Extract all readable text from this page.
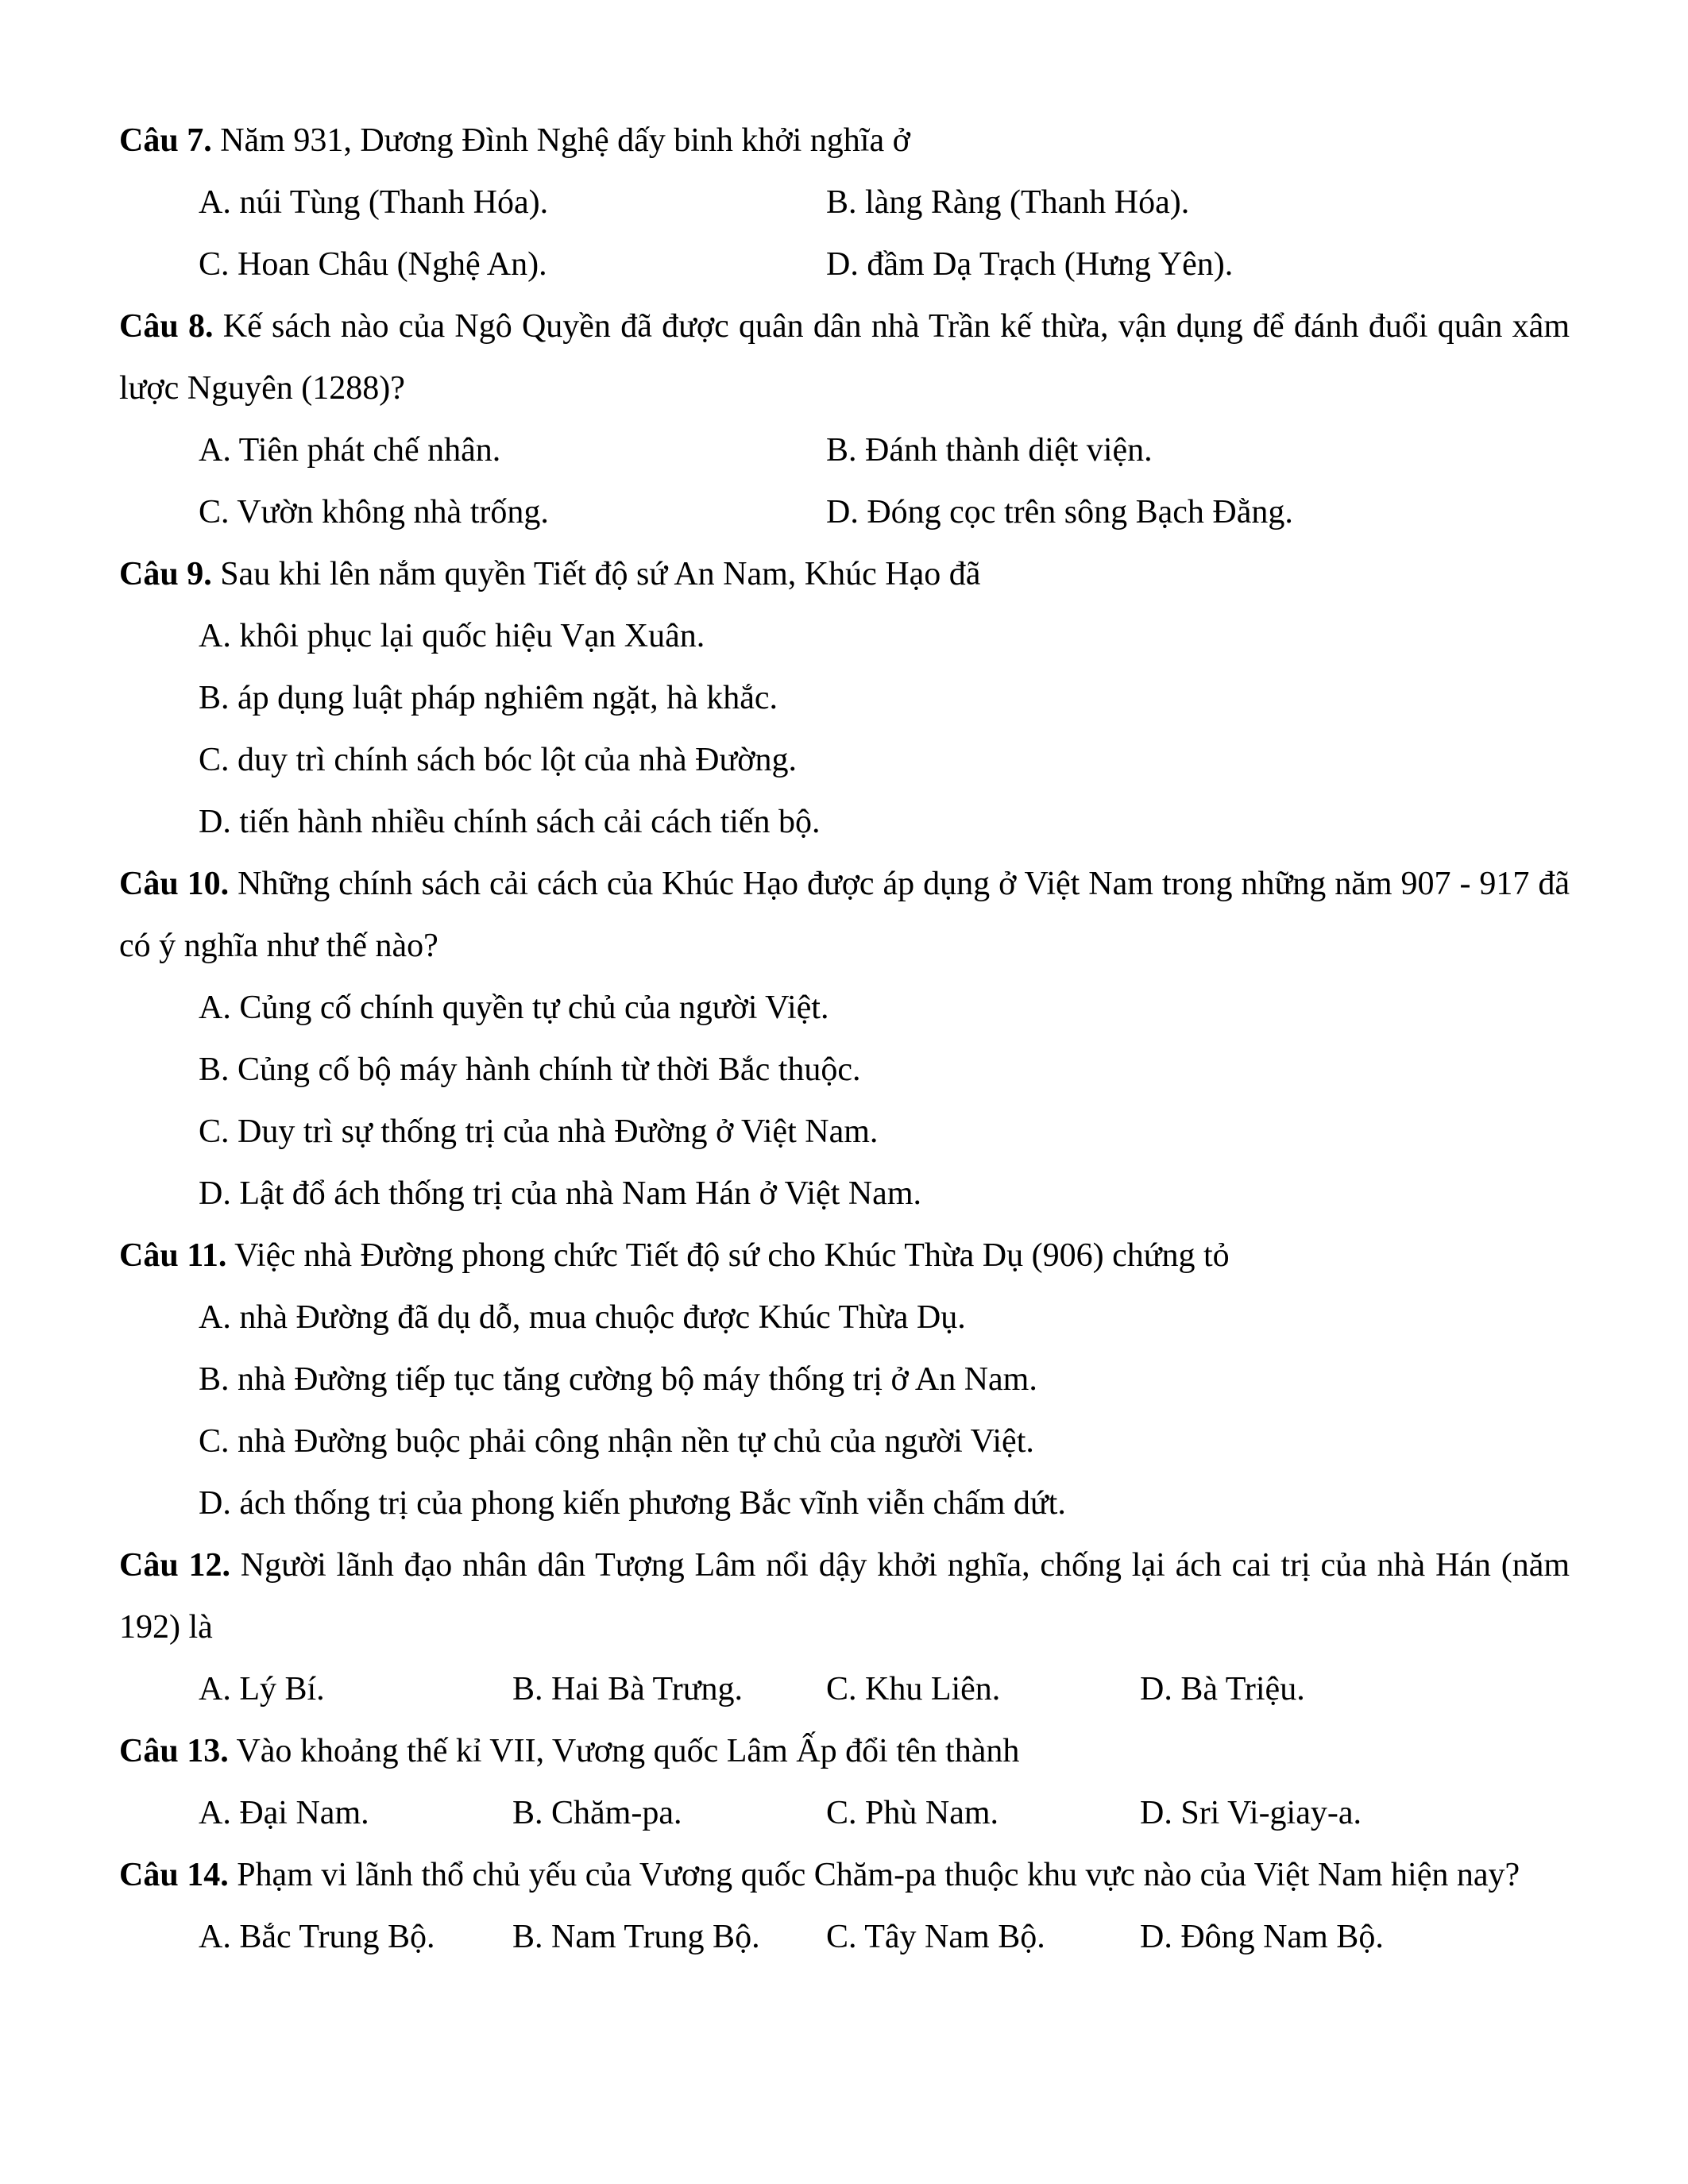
Câu 7. Năm 931, Dương Đình Nghệ dấy binh khởi nghĩa ở

A. núi Tùng (Thanh Hóa).	B. làng Ràng (Thanh Hóa).
C. Hoan Châu (Nghệ An).	D. đầm Dạ Trạch (Hưng Yên).

Câu 8. Kế sách nào của Ngô Quyền đã được quân dân nhà Trần kế thừa, vận dụng để đánh đuổi quân xâm lược Nguyên (1288)?

A. Tiên phát chế nhân.	B. Đánh thành diệt viện.
C. Vườn không nhà trống.	D. Đóng cọc trên sông Bạch Đằng.

Câu 9. Sau khi lên nắm quyền Tiết độ sứ An Nam, Khúc Hạo đã

A. khôi phục lại quốc hiệu Vạn Xuân.
B. áp dụng luật pháp nghiêm ngặt, hà khắc.
C. duy trì chính sách bóc lột của nhà Đường.
D. tiến hành nhiều chính sách cải cách tiến bộ.

Câu 10. Những chính sách cải cách của Khúc Hạo được áp dụng ở Việt Nam trong những năm 907 - 917 đã có ý nghĩa như thế nào?

A. Củng cố chính quyền tự chủ của người Việt.
B. Củng cố bộ máy hành chính từ thời Bắc thuộc.
C. Duy trì sự thống trị của nhà Đường ở Việt Nam.
D. Lật đổ ách thống trị của nhà Nam Hán ở Việt Nam.

Câu 11. Việc nhà Đường phong chức Tiết độ sứ cho Khúc Thừa Dụ (906) chứng tỏ

A. nhà Đường đã dụ dỗ, mua chuộc được Khúc Thừa Dụ.
B. nhà Đường tiếp tục tăng cường bộ máy thống trị ở An Nam.
C. nhà Đường buộc phải công nhận nền tự chủ của người Việt.
D. ách thống trị của phong kiến phương Bắc vĩnh viễn chấm dứt.

Câu 12. Người lãnh đạo nhân dân Tượng Lâm nổi dậy khởi nghĩa, chống lại ách cai trị của nhà Hán (năm 192) là

A. Lý Bí.	B. Hai Bà Trưng.	C. Khu Liên.	D. Bà Triệu.

Câu 13. Vào khoảng thế kỉ VII, Vương quốc Lâm Ấp đổi tên thành

A. Đại Nam.	B. Chăm-pa.	C. Phù Nam.	D. Sri Vi-giay-a.

Câu 14. Phạm vi lãnh thổ chủ yếu của Vương quốc Chăm-pa thuộc khu vực nào của Việt Nam hiện nay?

A. Bắc Trung Bộ.	B. Nam Trung Bộ.	C. Tây Nam Bộ.	D. Đông Nam Bộ.
